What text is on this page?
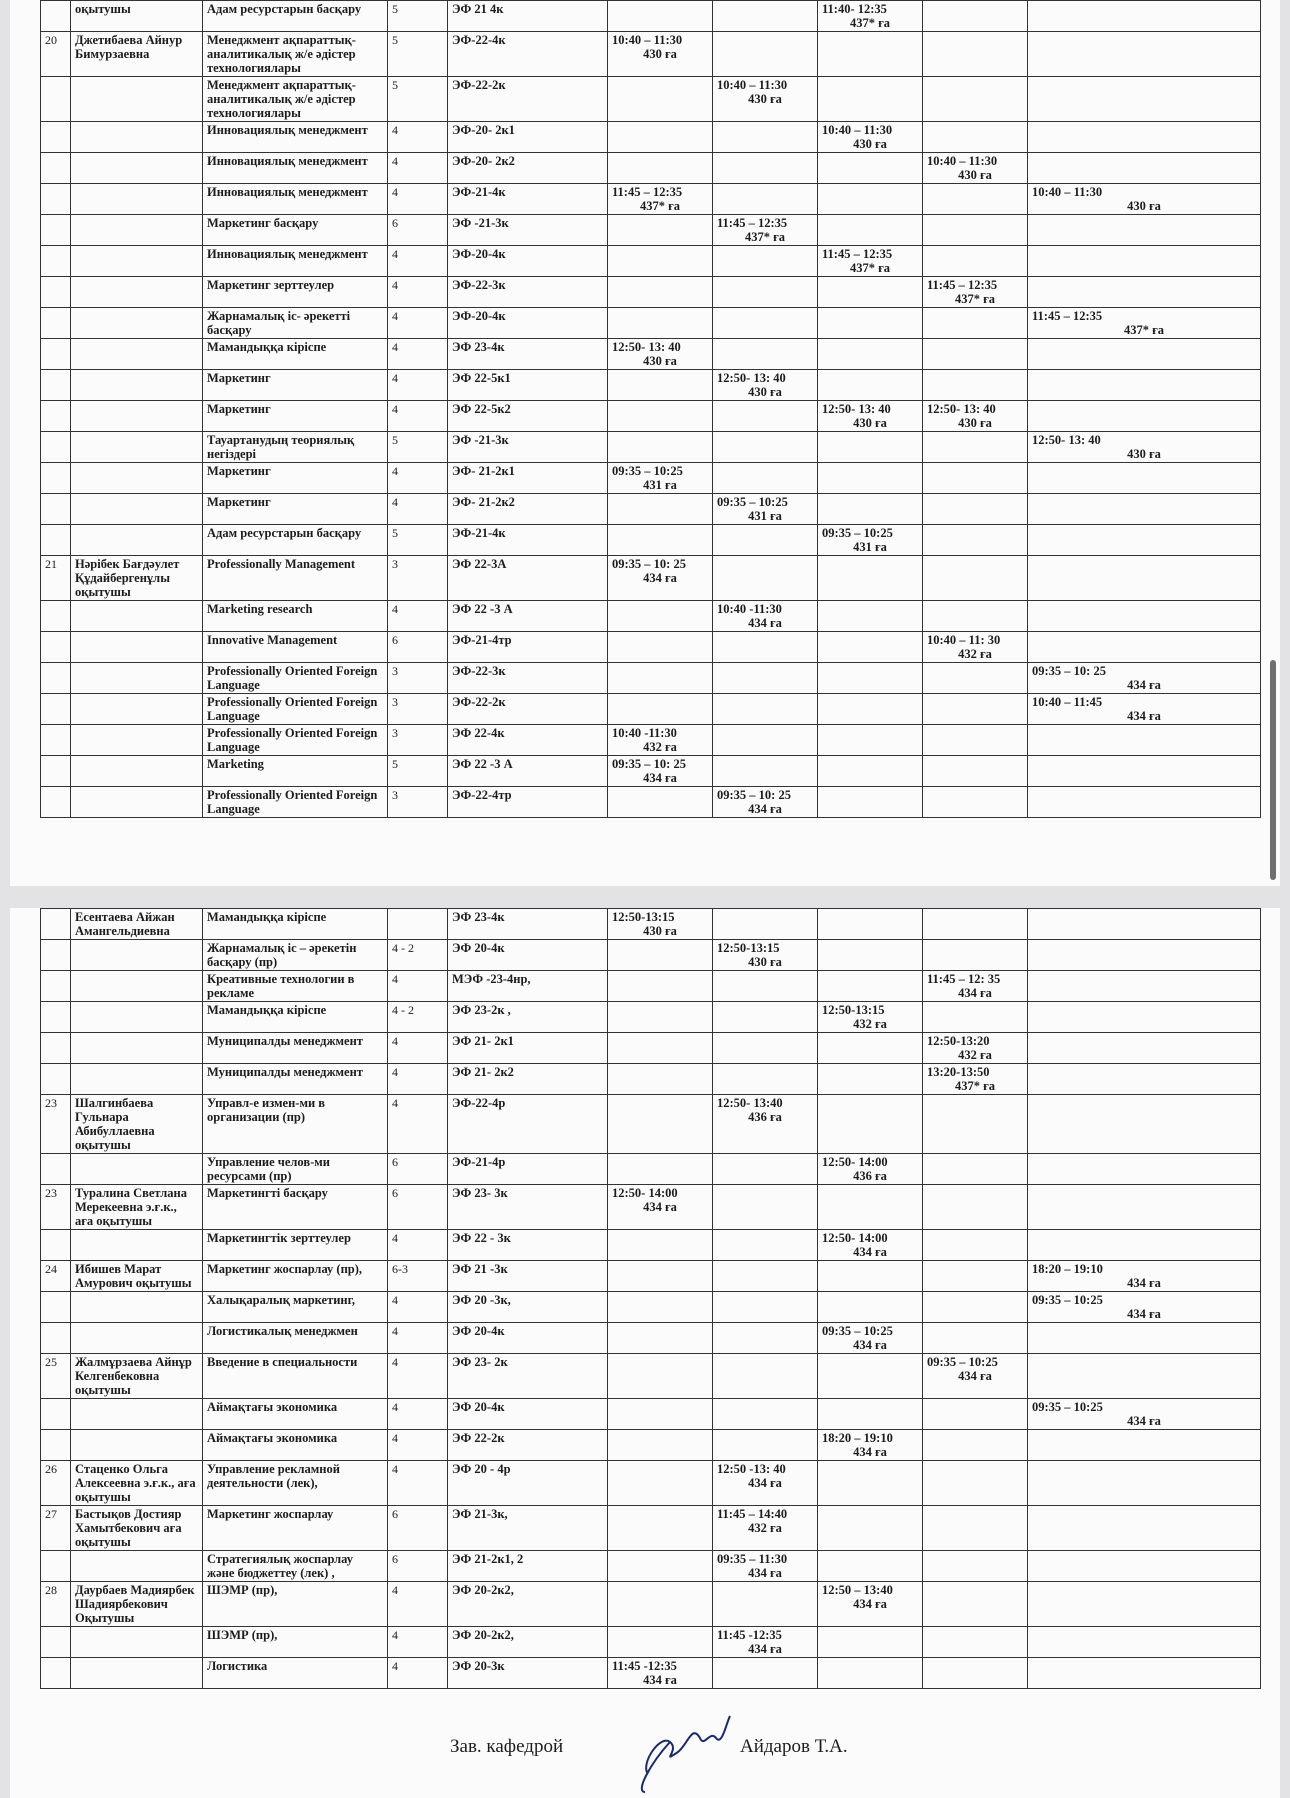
	оқытушы	Адам ресурстарын басқару	5	ЭФ 21 4к			11:40- 12:35
437* ға		

20	Джетибаева Айнур Бимурзаевна	Менеджмент ақпараттық-аналитикалық ж/е әдістер технологиялары	5	ЭФ-22-4к	10:40 – 11:30
430 ға				

		Менеджмент ақпараттық-аналитикалық ж/е әдістер технологиялары	5	ЭФ-22-2к		10:40 – 11:30
430 ға			

		Инновациялық менеджмент	4	ЭФ-20- 2к1			10:40 – 11:30
430 ға		

		Инновациялық менеджмент	4	ЭФ-20- 2к2				10:40 – 11:30
430 ға	

		Инновациялық менеджмент	4	ЭФ-21-4к	11:45 – 12:35
437* ға				10:40 – 11:30
430 ға

		Маркетинг басқару	6	ЭФ -21-3к		11:45 – 12:35
437* ға			

		Инновациялық менеджмент	4	ЭФ-20-4к			11:45 – 12:35
437* ға		

		Маркетинг зерттеулер	4	ЭФ-22-3к				11:45 – 12:35
437* ға	

		Жарнамалық іс- әрекетті басқару	4	ЭФ-20-4к					11:45 – 12:35
437* ға

		Мамандыққа кіріспе	4	ЭФ 23-4к	12:50- 13: 40
430 ға				

		Маркетинг	4	ЭФ 22-5к1		12:50- 13: 40
430 ға			

		Маркетинг	4	ЭФ 22-5к2			12:50- 13: 40
430 ға	12:50- 13: 40
430 ға	

		Тауартанудың теориялық негіздері	5	ЭФ -21-3к					12:50- 13: 40
430 ға

		Маркетинг	4	ЭФ- 21-2к1	09:35 – 10:25
431 ға				

		Маркетинг	4	ЭФ- 21-2к2		09:35 – 10:25
431 ға			

		Адам ресурстарын басқару	5	ЭФ-21-4к			09:35 – 10:25
431 ға		

21	Нәрібек Бағдәулет Құдайбергенұлы оқытушы	Professionally Management	3	ЭФ 22-3А	09:35 – 10: 25
434 ға				

		Marketing research	4	ЭФ 22 -3 А		10:40 -11:30
434 ға			

		Innovative Management	6	ЭФ-21-4тр				10:40 – 11: 30
432 ға	

		Professionally Oriented Foreign Language	3	ЭФ-22-3к					09:35 – 10: 25
434 ға

		Professionally Oriented Foreign Language	3	ЭФ-22-2к					10:40 – 11:45
434 ға

		Professionally Oriented Foreign Language	3	ЭФ 22-4к	10:40 -11:30
432 ға				

		Marketing	5	ЭФ 22 -3 А	09:35 – 10: 25
434 ға				

		Professionally Oriented Foreign Language	3	ЭФ-22-4тр		09:35 – 10: 25
434 ға			

	Есентаева Айжан Амангельдиевна	Мамандыққа кіріспе		ЭФ 23-4к	12:50-13:15
430 ға				

		Жарнамалық іс – әрекетін басқару (пр)	4 - 2	ЭФ 20-4к		12:50-13:15
430 ға			

		Креативные технологии в рекламе	4	МЭФ -23-4нр,				11:45 – 12: 35
434 ға	

		Мамандыққа кіріспе	4 - 2	ЭФ 23-2к ,			12:50-13:15
432 ға		

		Муниципалды менеджмент	4	ЭФ 21- 2к1				12:50-13:20
432 ға	

		Муниципалды менеджмент	4	ЭФ 21- 2к2				13:20-13:50
437* ға	

23	Шалгинбаева Гульнара Абибуллаевна оқытушы	Управл-е измен-ми в организации (пр)	4	ЭФ-22-4р		12:50- 13:40
436 ға			

		Управление челов-ми ресурсами (пр)	6	ЭФ-21-4р			12:50- 14:00
436 ға		

23	Туралина Светлана Мерекеевна э.ғ.к., аға оқытушы	Маркетингті басқару	6	ЭФ 23- 3к	12:50- 14:00
434 ға				

		Маркетингтік зерттеулер	4	ЭФ 22 - 3к			12:50- 14:00
434 ға		

24	Ибишев Марат Амурович оқытушы	Маркетинг жоспарлау (пр),	6-3	ЭФ 21 -3к					18:20 – 19:10
434 ға

		Халықаралық маркетинг,	4	ЭФ 20 -3к,					09:35 – 10:25
434 ға

		Логистикалық менеджмен	4	ЭФ 20-4к			09:35 – 10:25
434 ға		

25	Жалмұрзаева Айнұр Келгенбековна оқытушы	Введение в специальности	4	ЭФ 23- 2к				09:35 – 10:25
434 ға	

		Аймақтағы экономика	4	ЭФ 20-4к					09:35 – 10:25
434 ға

		Аймақтағы экономика	4	ЭФ 22-2к			18:20 – 19:10
434 ға		

26	Стаценко Ольга Алексеевна э.ғ.к., аға оқытушы	Управление рекламной деятельности (лек),	4	ЭФ 20 - 4р		12:50 -13: 40
434 ға			

27	Бастықов Достияр Хамытбекович аға оқытушы	Маркетинг жоспарлау	6	ЭФ 21-3к,		11:45 – 14:40
432 ға			

		Стратегиялық жоспарлау және бюджеттеу (лек) ,	6	ЭФ 21-2к1, 2		09:35 – 11:30
434 ға			

28	Даурбаев Мадиярбек Шадиярбекович Оқытушы	ШЭМР (пр),	4	ЭФ 20-2к2,			12:50 – 13:40
434 ға		

		ШЭМР (пр),	4	ЭФ 20-2к2,		11:45 -12:35
434 ға			

		Логистика	4	ЭФ 20-3к	11:45 -12:35
434 ға				

Зав. кафедрой	Айдаров Т.А.
